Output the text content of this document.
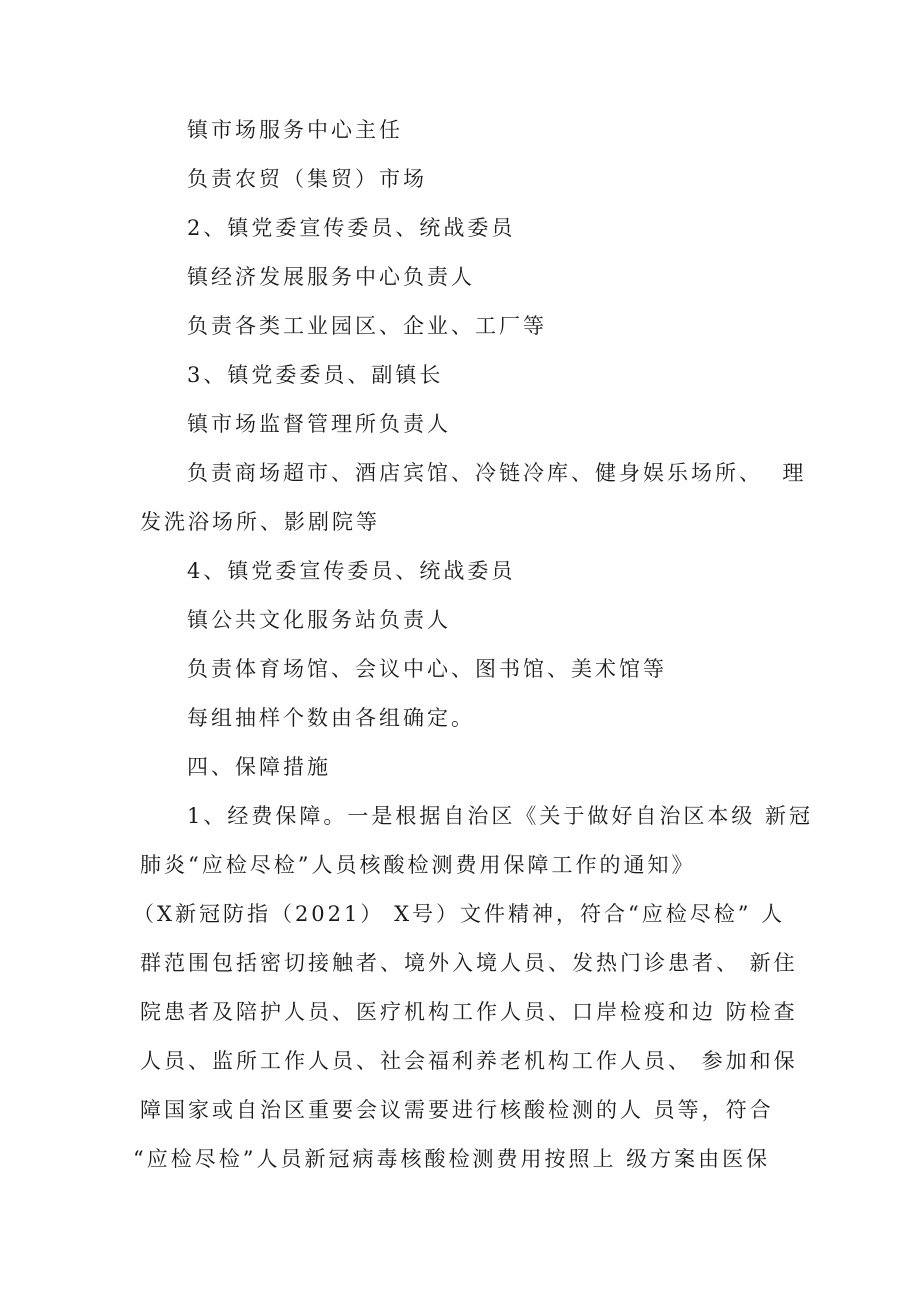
镇市场服务中心主任
负责农贸（集贸）市场
2、镇党委宣传委员、统战委员
镇经济发展服务中心负责人
负责各类工业园区、企业、工厂等
3、镇党委委员、副镇长
镇市场监督管理所负责人
负责商场超市、酒店宾馆、冷链冷库、健身娱乐场所、  理
发洗浴场所、影剧院等
4、镇党委宣传委员、统战委员
镇公共文化服务站负责人
负责体育场馆、会议中心、图书馆、美术馆等
每组抽样个数由各组确定。
四、保障措施
1、经费保障。一是根据自治区《关于做好自治区本级 新冠
肺炎“应检尽检”人员核酸检测费用保障工作的通知》
（X新冠防指（2021） X号）文件精神，符合“应检尽检” 人
群范围包括密切接触者、境外入境人员、发热门诊患者、 新住
院患者及陪护人员、医疗机构工作人员、口岸检疫和边 防检查
人员、监所工作人员、社会福利养老机构工作人员、 参加和保
障国家或自治区重要会议需要进行核酸检测的人 员等，符合
“应检尽检”人员新冠病毒核酸检测费用按照上 级方案由医保
